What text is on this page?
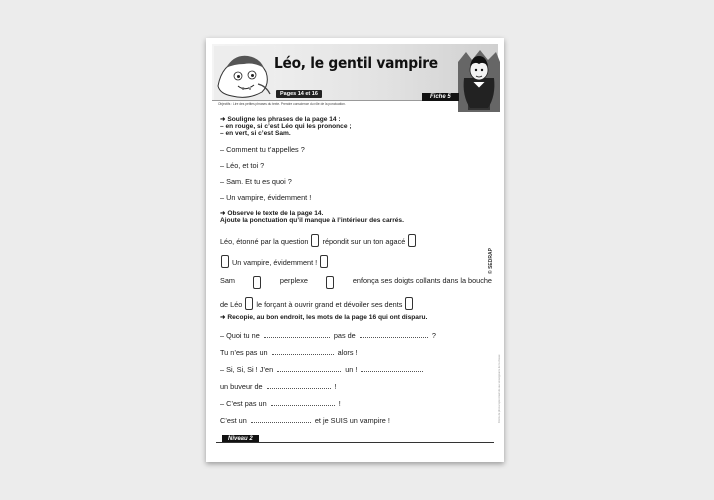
Léo, le gentil vampire
Pages 14 et 16	Fiche 5
Objectifs : Lire des petites phrases du texte. Prendre conscience du rôle de la ponctuation.
➜ Souligne les phrases de la page 14 :
– en rouge, si c’est Léo qui les prononce ;
– en vert, si c’est Sam.
– Comment tu t’appelles ?
– Léo, et toi ?
– Sam. Et tu es quoi ?
– Un vampire, évidemment !
➜ Observe le texte de la page 14.
Ajoute la ponctuation qu’il manque à l’intérieur des carrés.
Léo, étonné par la question répondit sur un ton agacé
Un vampire, évidemment !
Sam	perplexe	enfonça ses doigts collants dans la bouche
de Léo le forçant à ouvrir grand et dévoiler ses dents
➜ Recopie, au bon endroit, les mots de la page 16 qui ont disparu.
– Quoi tu ne	pas de	?
Tu n’es pas un	alors !
– Si, Si, Si ! J’en	un !
un buveur de	!
– C’est pas un	!
C’est un	et je SUIS un vampire !
Niveau 2
© SEDRAP
Droits de photocopie réservés aux enseignants de la classe
